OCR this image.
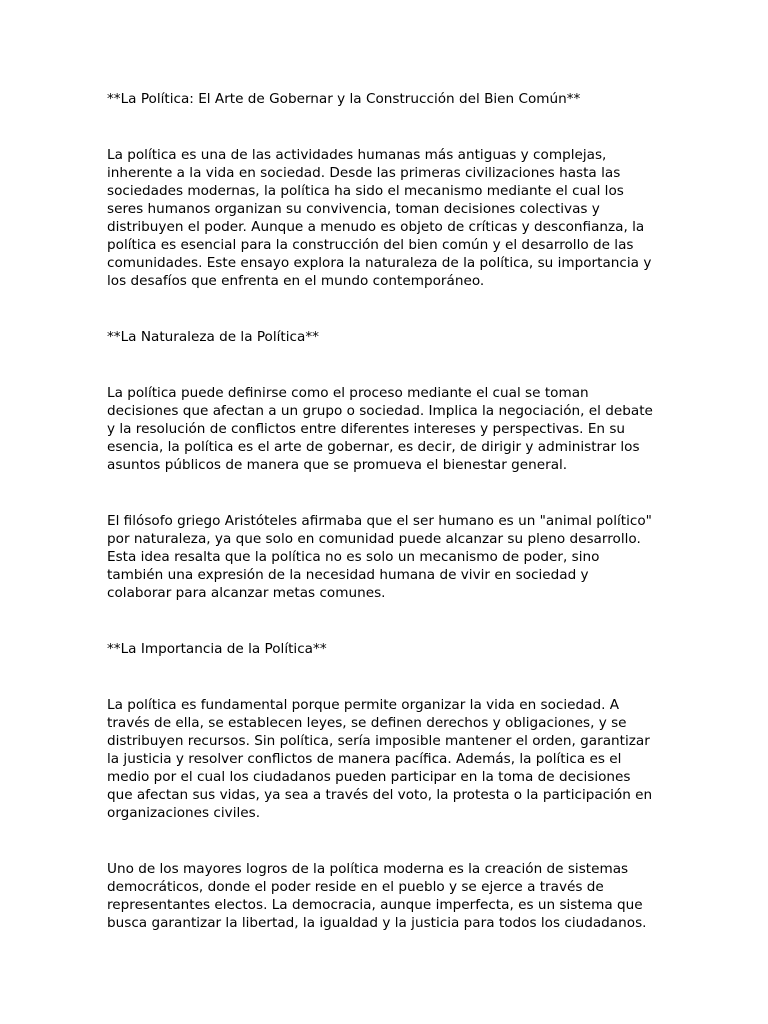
**La Política: El Arte de Gobernar y la Construcción del Bien Común**

La política es una de las actividades humanas más antiguas y complejas,
inherente a la vida en sociedad. Desde las primeras civilizaciones hasta las
sociedades modernas, la política ha sido el mecanismo mediante el cual los
seres humanos organizan su convivencia, toman decisiones colectivas y
distribuyen el poder. Aunque a menudo es objeto de críticas y desconfianza, la
política es esencial para la construcción del bien común y el desarrollo de las
comunidades. Este ensayo explora la naturaleza de la política, su importancia y
los desafíos que enfrenta en el mundo contemporáneo.

**La Naturaleza de la Política**

La política puede definirse como el proceso mediante el cual se toman
decisiones que afectan a un grupo o sociedad. Implica la negociación, el debate
y la resolución de conflictos entre diferentes intereses y perspectivas. En su
esencia, la política es el arte de gobernar, es decir, de dirigir y administrar los
asuntos públicos de manera que se promueva el bienestar general.

El filósofo griego Aristóteles afirmaba que el ser humano es un "animal político"
por naturaleza, ya que solo en comunidad puede alcanzar su pleno desarrollo.
Esta idea resalta que la política no es solo un mecanismo de poder, sino
también una expresión de la necesidad humana de vivir en sociedad y
colaborar para alcanzar metas comunes.

**La Importancia de la Política**

La política es fundamental porque permite organizar la vida en sociedad. A
través de ella, se establecen leyes, se definen derechos y obligaciones, y se
distribuyen recursos. Sin política, sería imposible mantener el orden, garantizar
la justicia y resolver conflictos de manera pacífica. Además, la política es el
medio por el cual los ciudadanos pueden participar en la toma de decisiones
que afectan sus vidas, ya sea a través del voto, la protesta o la participación en
organizaciones civiles.

Uno de los mayores logros de la política moderna es la creación de sistemas
democráticos, donde el poder reside en el pueblo y se ejerce a través de
representantes electos. La democracia, aunque imperfecta, es un sistema que
busca garantizar la libertad, la igualdad y la justicia para todos los ciudadanos.
